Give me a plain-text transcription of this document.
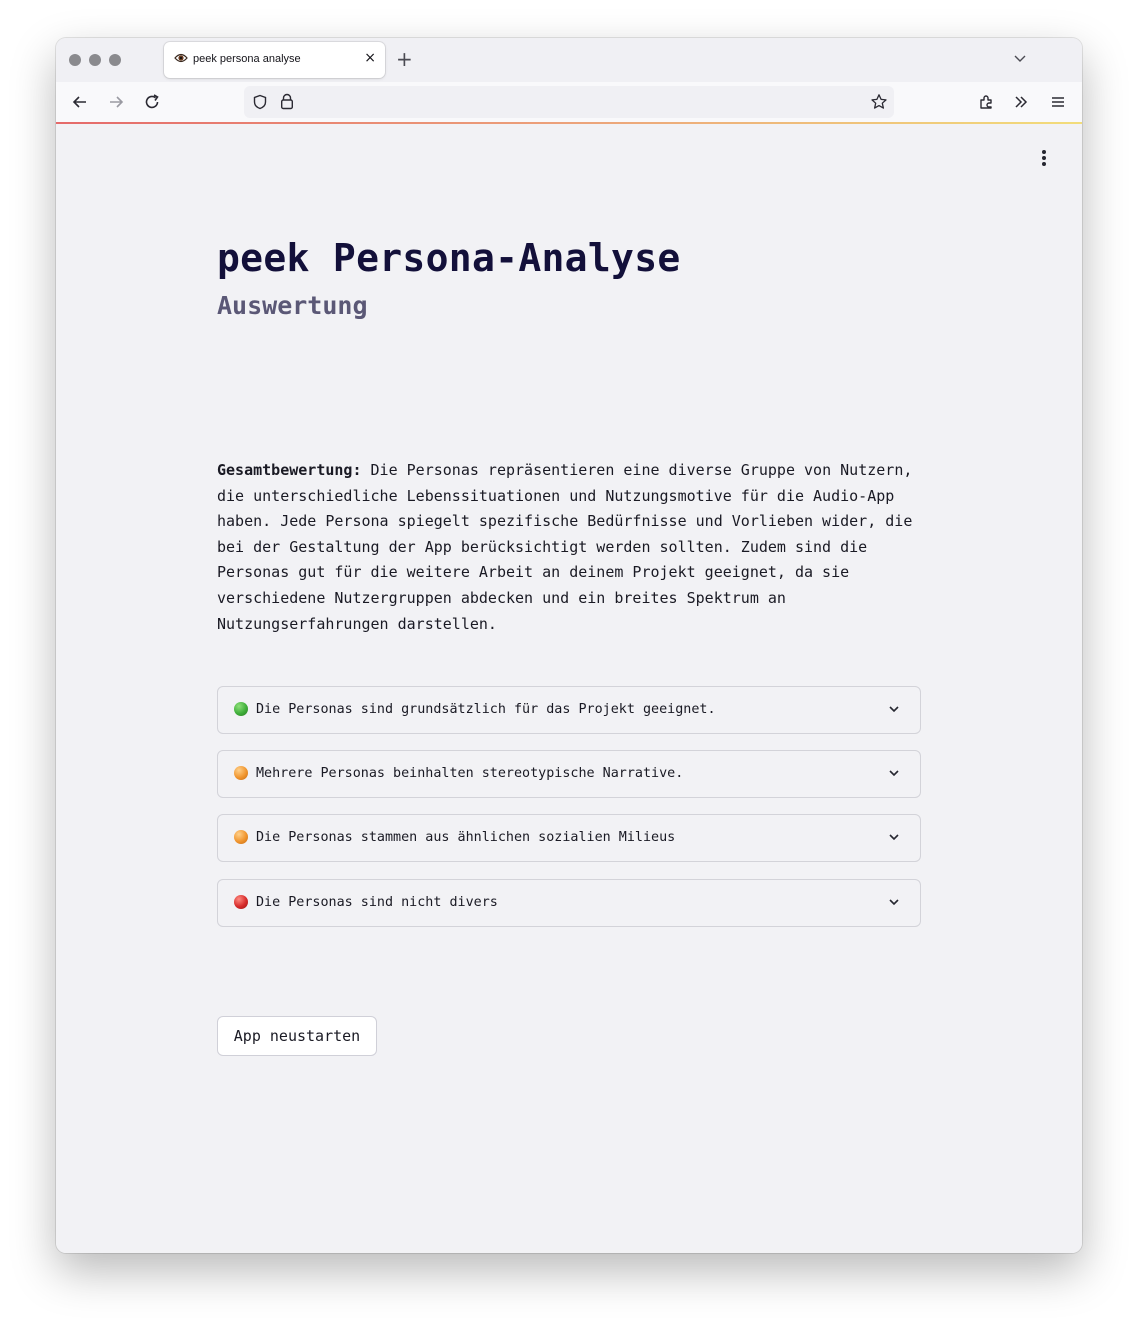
peek persona analyse	× +
peek Persona-Analyse
Auswertung
Gesamtbewertung: Die Personas repräsentieren eine diverse Gruppe von Nutzern, die unterschiedliche Lebenssituationen und Nutzungsmotive für die Audio-App haben. Jede Persona spiegelt spezifische Bedürfnisse und Vorlieben wider, die bei der Gestaltung der App berücksichtigt werden sollten. Zudem sind die Personas gut für die weitere Arbeit an deinem Projekt geeignet, da sie verschiedene Nutzergruppen abdecken und ein breites Spektrum an Nutzungserfahrungen darstellen.
Die Personas sind grundsätzlich für das Projekt geeignet.
Mehrere Personas beinhalten stereotypische Narrative.
Die Personas stammen aus ähnlichen sozialien Milieus
Die Personas sind nicht divers
App neustarten
